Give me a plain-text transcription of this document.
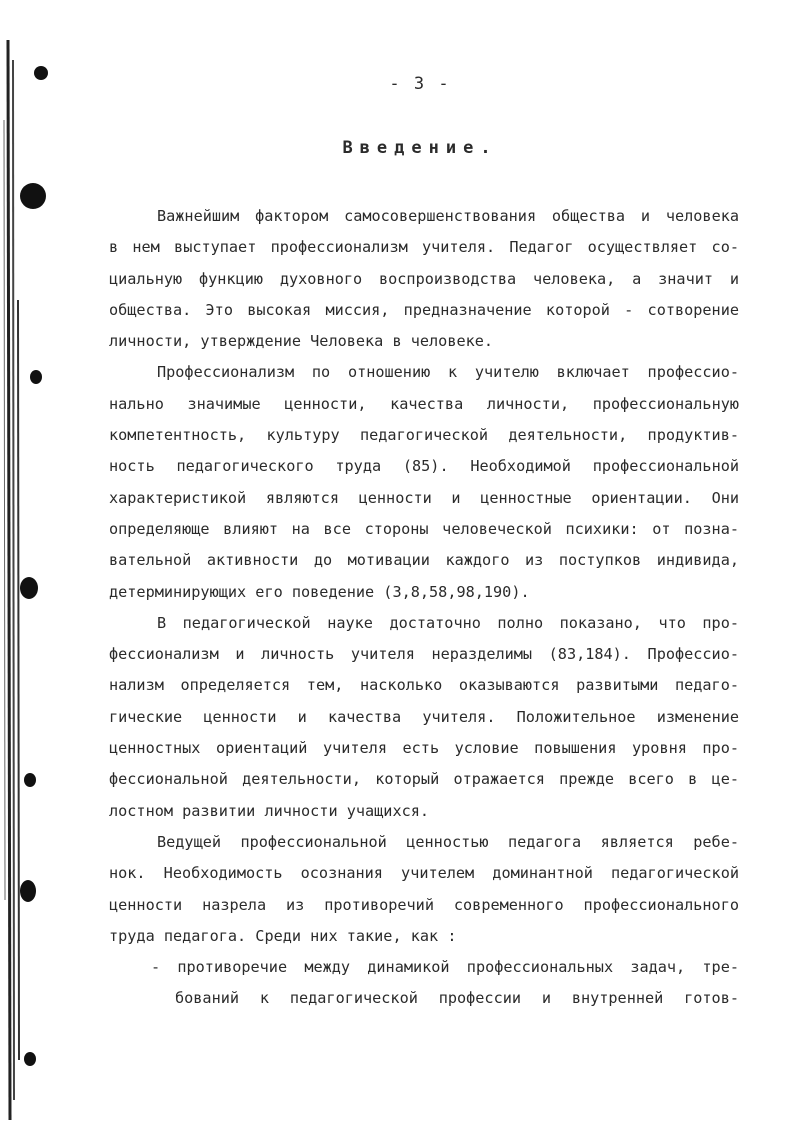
- 3 -
Введение.
Важнейшим фактором самосовершенствования общества и человека
в нем выступает профессионализм учителя. Педагог осуществляет со-
циальную функцию духовного воспроизводства человека, а значит и
общества. Это высокая миссия, предназначение которой - сотворение
личности, утверждение Человека в человеке.
Профессионализм по отношению к учителю включает профессио-
нально значимые ценности, качества личности, профессиональную
компетентность, культуру педагогической деятельности, продуктив-
ность педагогического труда (85). Необходимой профессиональной
характеристикой являются ценности и ценностные ориентации. Они
определяюще влияют на все стороны человеческой психики: от позна-
вательной активности до мотивации каждого из поступков индивида,
детерминирующих его поведение (3,8,58,98,190).
В педагогической науке достаточно полно показано, что про-
фессионализм и личность учителя неразделимы (83,184). Профессио-
нализм определяется тем, насколько оказываются развитыми педаго-
гические ценности и качества учителя. Положительное изменение
ценностных ориентаций учителя есть условие повышения уровня про-
фессиональной деятельности, который отражается прежде всего в це-
лостном развитии личности учащихся.
Ведущей профессиональной ценностью педагога является ребе-
нок. Необходимость осознания учителем доминантной педагогической
ценности назрела из противоречий современного профессионального
труда педагога. Среди них такие, как :
- противоречие между динамикой профессиональных задач, тре-
бований к педагогической профессии и внутренней готов-
